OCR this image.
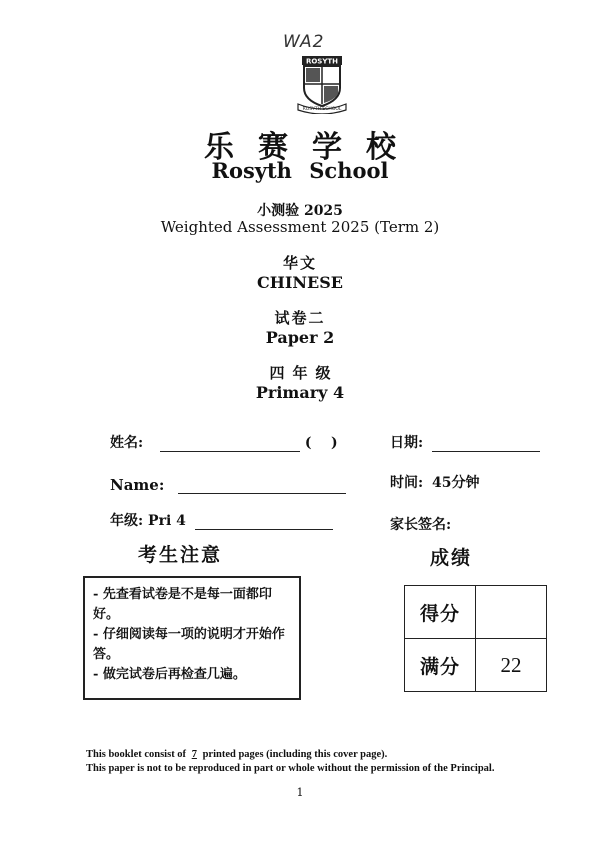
WA2
ROSYTH
ROSYTH SCHOOL
乐赛学校
Rosyth School
小测验 2025
Weighted Assessment 2025 (Term 2)
华文
CHINESE
试卷二
Paper 2
四年级
Primary 4
姓名:	(    )	日期:
Name:	时间: 45分钟
年级: Pri 4	家长签名:
考生注意	成绩
- 先查看试卷是不是每一面都印好。
- 仔细阅读每一项的说明才开始作答。
- 做完试卷后再检查几遍。
得分	
满分	22
This booklet consist of 7 printed pages (including this cover page).
This paper is not to be reproduced in part or whole without the permission of the Principal.
1
